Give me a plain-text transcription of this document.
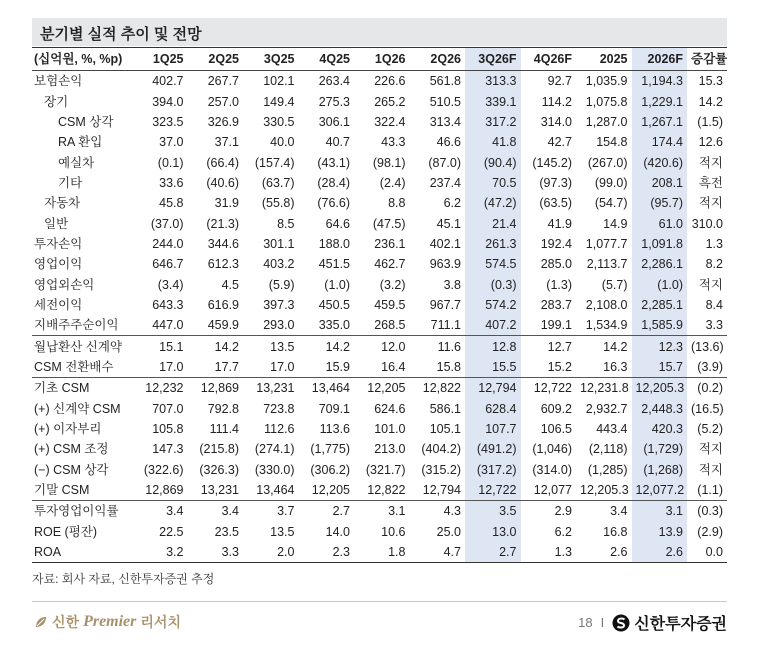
분기별 실적 추이 및 전망
(십억원, %, %p)	1Q25	2Q25	3Q25	4Q25	1Q26	2Q26	3Q26F	4Q26F	2025	2026F	증감률
보험손익	402.7	267.7	102.1	263.4	226.6	561.8	313.3	92.7	1,035.9	1,194.3	15.3
장기	394.0	257.0	149.4	275.3	265.2	510.5	339.1	114.2	1,075.8	1,229.1	14.2
CSM 상각	323.5	326.9	330.5	306.1	322.4	313.4	317.2	314.0	1,287.0	1,267.1	(1.5)
RA 환입	37.0	37.1	40.0	40.7	43.3	46.6	41.8	42.7	154.8	174.4	12.6
예실차	(0.1)	(66.4)	(157.4)	(43.1)	(98.1)	(87.0)	(90.4)	(145.2)	(267.0)	(420.6)	적지
기타	33.6	(40.6)	(63.7)	(28.4)	(2.4)	237.4	70.5	(97.3)	(99.0)	208.1	흑전
자동차	45.8	31.9	(55.8)	(76.6)	8.8	6.2	(47.2)	(63.5)	(54.7)	(95.7)	적지
일반	(37.0)	(21.3)	8.5	64.6	(47.5)	45.1	21.4	41.9	14.9	61.0	310.0
투자손익	244.0	344.6	301.1	188.0	236.1	402.1	261.3	192.4	1,077.7	1,091.8	1.3
영업이익	646.7	612.3	403.2	451.5	462.7	963.9	574.5	285.0	2,113.7	2,286.1	8.2
영업외손익	(3.4)	4.5	(5.9)	(1.0)	(3.2)	3.8	(0.3)	(1.3)	(5.7)	(1.0)	적지
세전이익	643.3	616.9	397.3	450.5	459.5	967.7	574.2	283.7	2,108.0	2,285.1	8.4
지배주주순이익	447.0	459.9	293.0	335.0	268.5	711.1	407.2	199.1	1,534.9	1,585.9	3.3
월납환산 신계약	15.1	14.2	13.5	14.2	12.0	11.6	12.8	12.7	14.2	12.3	(13.6)
CSM 전환배수	17.0	17.7	17.0	15.9	16.4	15.8	15.5	15.2	16.3	15.7	(3.9)
기초 CSM	12,232	12,869	13,231	13,464	12,205	12,822	12,794	12,722	12,231.8	12,205.3	(0.2)
(+) 신계약 CSM	707.0	792.8	723.8	709.1	624.6	586.1	628.4	609.2	2,932.7	2,448.3	(16.5)
(+) 이자부리	105.8	111.4	112.6	113.6	101.0	105.1	107.7	106.5	443.4	420.3	(5.2)
(+) CSM 조정	147.3	(215.8)	(274.1)	(1,775)	213.0	(404.2)	(491.2)	(1,046)	(2,118)	(1,729)	적지
(−) CSM 상각	(322.6)	(326.3)	(330.0)	(306.2)	(321.7)	(315.2)	(317.2)	(314.0)	(1,285)	(1,268)	적지
기말 CSM	12,869	13,231	13,464	12,205	12,822	12,794	12,722	12,077	12,205.3	12,077.2	(1.1)
투자영업이익률	3.4	3.4	3.7	2.7	3.1	4.3	3.5	2.9	3.4	3.1	(0.3)
ROE (평잔)	22.5	23.5	13.5	14.0	10.6	25.0	13.0	6.2	16.8	13.9	(2.9)
ROA	3.2	3.3	2.0	2.3	1.8	4.7	2.7	1.3	2.6	2.6	0.0
자료: 회사 자료, 신한투자증권 추정
신한 Premier 리서치	18 I 신한투자증권
